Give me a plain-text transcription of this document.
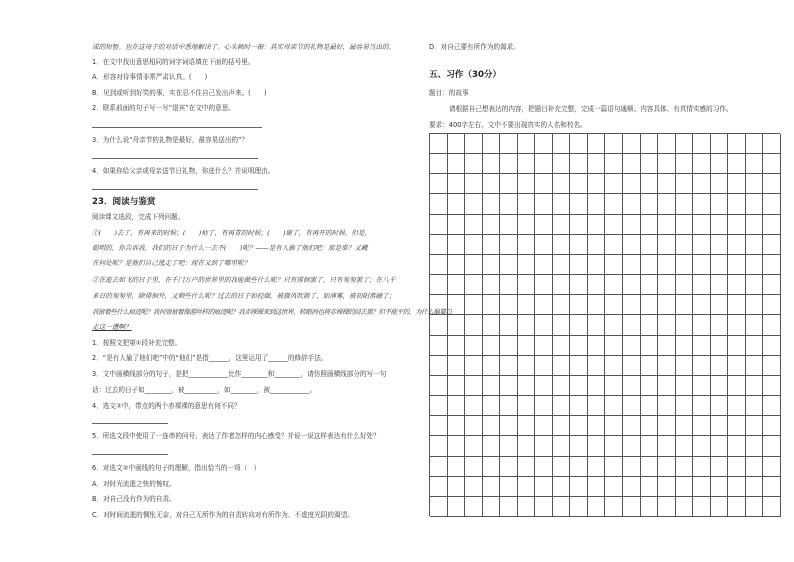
成的短暂。也在这母子的对话中悉地解决了。心头顿时一振：其实母亲节的礼物是最好，最容易当出的。
1．在文中找出意思相同的词字词语填在下面的括号里。
A．形容对待事情非常严肃认真。(　　)
B．见到或听到好笑的事，实在忍不住自己发出声来。(　　)
2．联系前面的句子写一写“退宾”在文中的意思。
3．为什么说“母亲节的礼物是最好，最容易送出的”？
4．如果你给父亲或母亲送节日礼物，你选什么？并说明理由。
23．阅读与鉴赏
阅读课文选段，完成下列问题。
①(　　)去了，有再来的时候；(　　)枯了，有再青的时候；(　　)谢了，有再开的时候。但是，
聪明的，你告诉我，我们的日子为什么一去不(　　)呢？——是有人偷了他们吧：那是谁？又藏
在何处呢？是他们自己逃走了吧：现在又到了哪里呢？
②在逝去如飞的日子里，在千门万户的世界里的我能做些什么呢？只有徘徊罢了，只有匆匆罢了；在八千
多日的匆匆里，除徘徊外，又剩些什么呢？过去的日子如轻烟，被微风吹散了，如薄雾，被初阳蒸融了；
我留着些什么痕迹呢？我何曾留着像游丝样的痕迹呢？我赤裸裸来到这世界，转眼间也将赤裸裸的回去罢？但不能平的，为什么偏要白
走这一遭啊？
1．按照文把第①段补充完整。
2．“是有人偷了他们吧”中的“他们”是指______，这里运用了______的修辞手法。
3．文中画横线部分的句子，是把____________比作________和________，请仿照画横线部分的写一句
话：过去的日子如________，被__________，如________，被____________。
4．选文②中，带点的两个赤裸裸的意思有何不同？
5．所选文段中使用了一连串的问号，表达了作者怎样的内心感受？并说一说这样表达有什么好处？
6．对选文②中画线的句子的理解，指出恰当的一项（　）
A．对时光流逝之快的惋叹。
B．对自己没有作为的自责。
C．对时间流逝的惆怅无奈，对自己无所作为的自责转向对有所作为、不虚度光阴的渴望。
D．对自己要有所作为的渴求。
五、习作（30分）
题目：的故事
请根据自己想表达的内容，把题目补充完整，完成一篇语句通顺、内容具体、有真情实感的习作。
要求：400字左右。文中不要出现真实的人名和校名。
